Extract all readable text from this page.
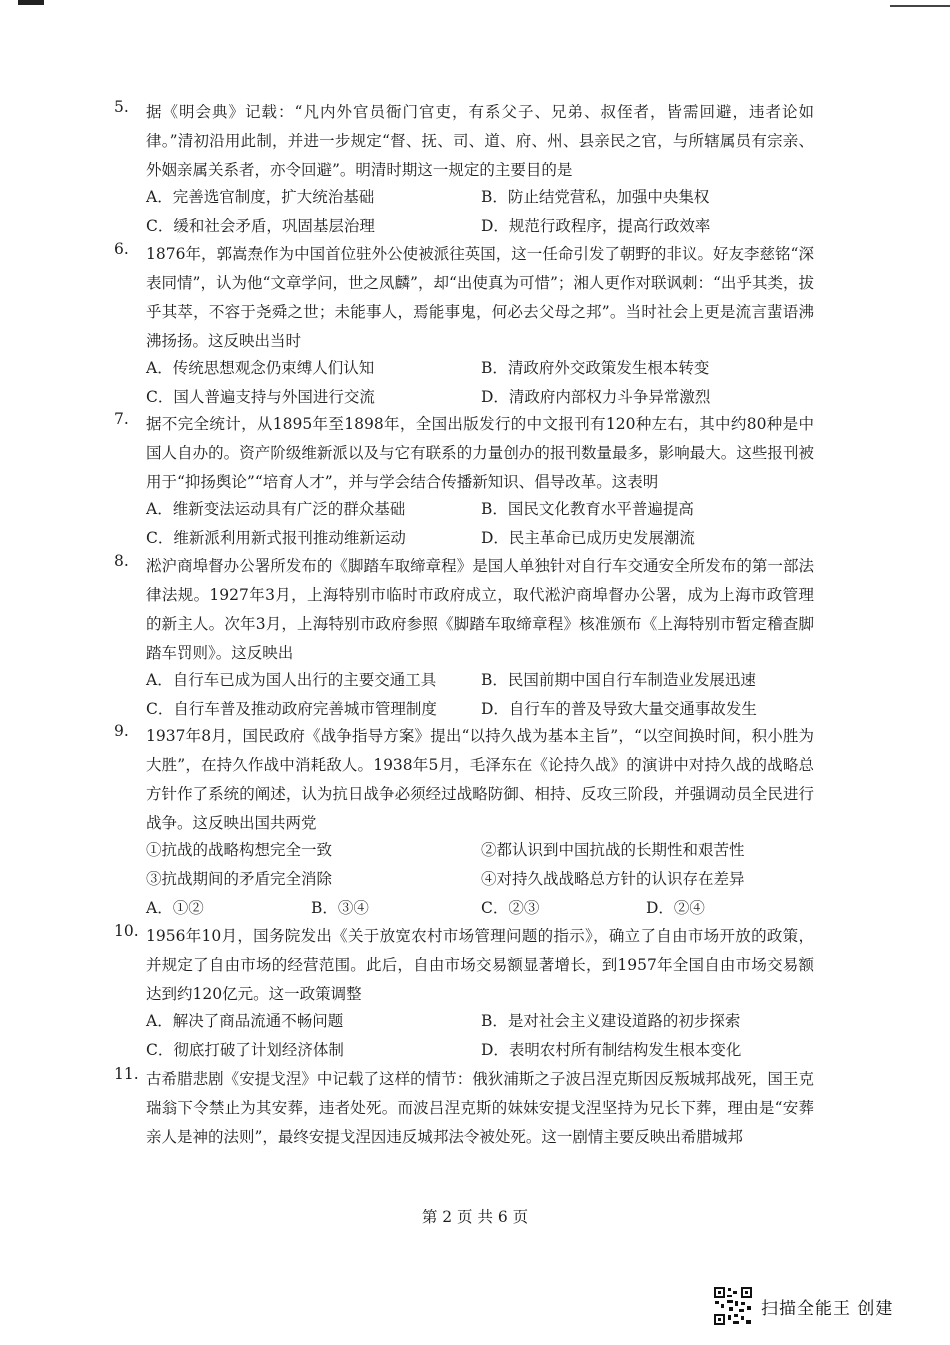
5. 据《明会典》记载：“凡内外官员衙门官吏，有系父子、兄弟、叔侄者，皆需回避，违者论如律。”清初沿用此制，并进一步规定“督、抚、司、道、府、州、县亲民之官，与所辖属员有宗亲、外姻亲属关系者，亦令回避”。明清时期这一规定的主要目的是
A．完善选官制度，扩大统治基础	B．防止结党营私，加强中央集权
C．缓和社会矛盾，巩固基层治理	D．规范行政程序，提高行政效率
6. 1876年，郭嵩焘作为中国首位驻外公使被派往英国，这一任命引发了朝野的非议。好友李慈铭“深表同情”，认为他“文章学问，世之凤麟”，却“出使真为可惜”；湘人更作对联讽刺：“出乎其类，拔乎其萃，不容于尧舜之世；未能事人，焉能事鬼，何必去父母之邦”。当时社会上更是流言蜚语沸沸扬扬。这反映出当时
A．传统思想观念仍束缚人们认知	B．清政府外交政策发生根本转变
C．国人普遍支持与外国进行交流	D．清政府内部权力斗争异常激烈
7. 据不完全统计，从1895年至1898年，全国出版发行的中文报刊有120种左右，其中约80种是中国人自办的。资产阶级维新派以及与它有联系的力量创办的报刊数量最多，影响最大。这些报刊被用于“抑扬舆论”“培育人才”，并与学会结合传播新知识、倡导改革。这表明
A．维新变法运动具有广泛的群众基础	B．国民文化教育水平普遍提高
C．维新派利用新式报刊推动维新运动	D．民主革命已成历史发展潮流
8. 淞沪商埠督办公署所发布的《脚踏车取缔章程》是国人单独针对自行车交通安全所发布的第一部法律法规。1927年3月，上海特别市临时市政府成立，取代淞沪商埠督办公署，成为上海市政管理的新主人。次年3月，上海特别市政府参照《脚踏车取缔章程》核准颁布《上海特别市暂定稽查脚踏车罚则》。这反映出
A．自行车已成为国人出行的主要交通工具	B．民国前期中国自行车制造业发展迅速
C．自行车普及推动政府完善城市管理制度	D．自行车的普及导致大量交通事故发生
9. 1937年8月，国民政府《战争指导方案》提出“以持久战为基本主旨”，“以空间换时间，积小胜为大胜”，在持久作战中消耗敌人。1938年5月，毛泽东在《论持久战》的演讲中对持久战的战略总方针作了系统的阐述，认为抗日战争必须经过战略防御、相持、反攻三阶段，并强调动员全民进行战争。这反映出国共两党
①抗战的战略构想完全一致	②都认识到中国抗战的长期性和艰苦性
③抗战期间的矛盾完全消除	④对持久战战略总方针的认识存在差异
A．①②	B．③④	C．②③	D．②④
10. 1956年10月，国务院发出《关于放宽农村市场管理问题的指示》，确立了自由市场开放的政策，并规定了自由市场的经营范围。此后，自由市场交易额显著增长，到1957年全国自由市场交易额达到约120亿元。这一政策调整
A．解决了商品流通不畅问题	B．是对社会主义建设道路的初步探索
C．彻底打破了计划经济体制	D．表明农村所有制结构发生根本变化
11. 古希腊悲剧《安提戈涅》中记载了这样的情节：俄狄浦斯之子波吕涅克斯因反叛城邦战死，国王克瑞翁下令禁止为其安葬，违者处死。而波吕涅克斯的妹妹安提戈涅坚持为兄长下葬，理由是“安葬亲人是神的法则”，最终安提戈涅因违反城邦法令被处死。这一剧情主要反映出希腊城邦
第 2 页 共 6 页
扫描全能王 创建
